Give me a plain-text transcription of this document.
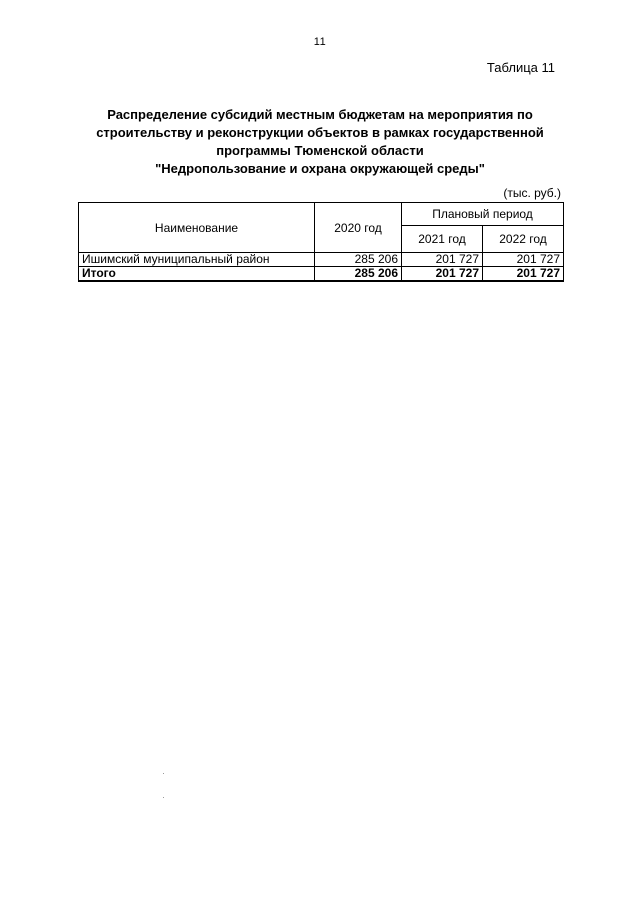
11
Таблица 11
Распределение субсидий местным бюджетам на мероприятия по
строительству и реконструкции объектов в рамках государственной
программы Тюменской области
"Недропользование и охрана окружающей среды"
(тыс. руб.)
Наименование	2020 год	Плановый период	
		2021 год	2022 год
Ишимский муниципальный район	285 206	201 727	201 727
Итого	285 206	201 727	201 727
